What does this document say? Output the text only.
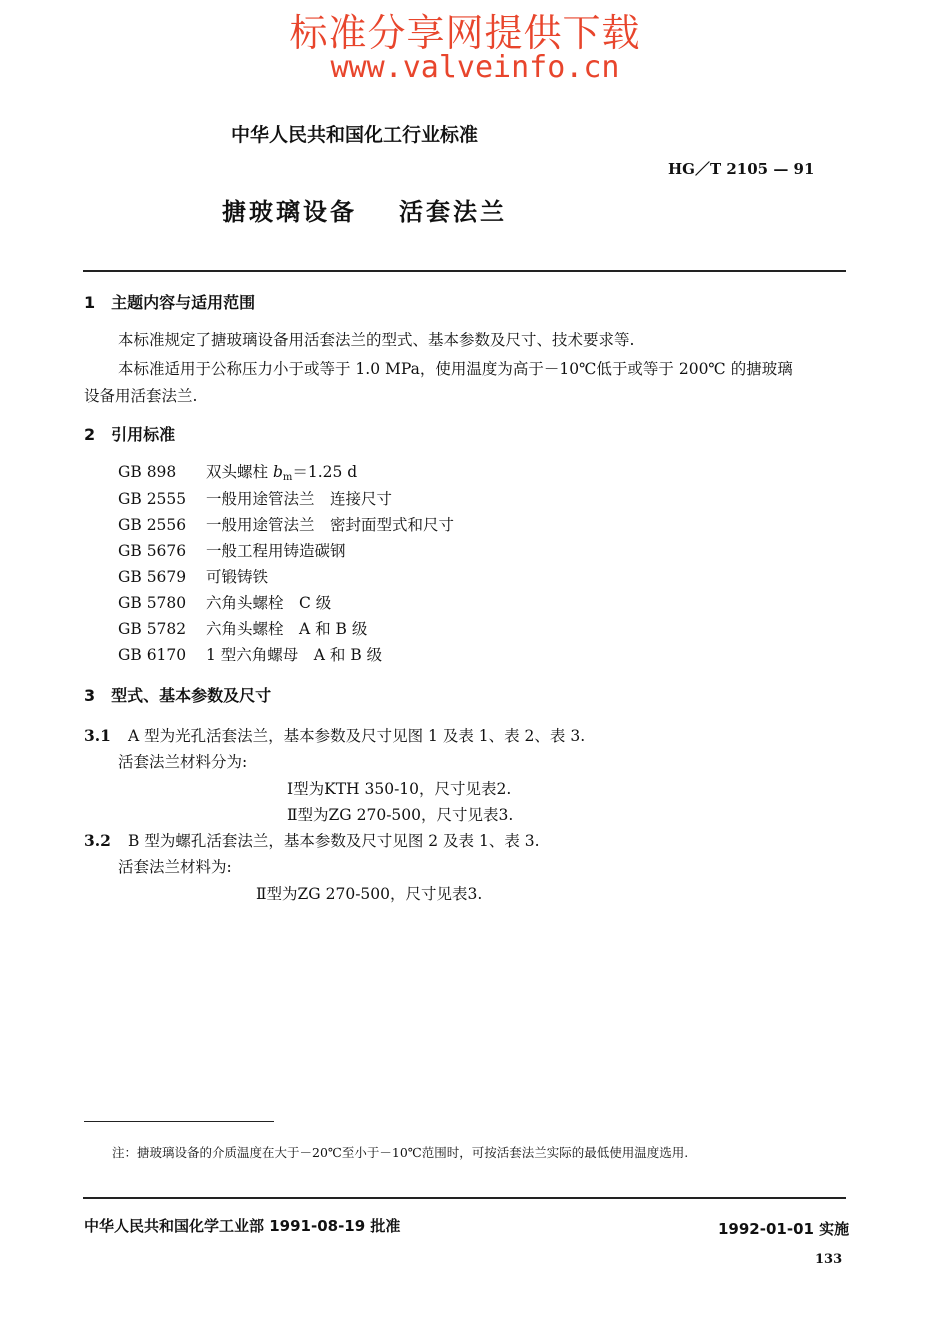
标准分享网提供下载
www.valveinfo.cn
中华人民共和国化工行业标准
HG／T 2105 — 91
搪玻璃设备 活套法兰
1　主题内容与适用范围
本标准规定了搪玻璃设备用活套法兰的型式、基本参数及尺寸、技术要求等.
本标准适用于公称压力小于或等于 1.0 MPa，使用温度为高于－10℃低于或等于 200℃ 的搪玻璃
设备用活套法兰.
2　引用标准
GB 898 双头螺柱 $b_m=1.25$ d
GB 2555 一般用途管法兰　连接尺寸
GB 2556 一般用途管法兰　密封面型式和尺寸
GB 5676 一般工程用铸造碳钢
GB 5679 可锻铸铁
GB 5780 六角头螺栓　C 级
GB 5782 六角头螺栓　A 和 B 级
GB 6170 1 型六角螺母　A 和 B 级
3　型式、基本参数及尺寸
3.1 A 型为光孔活套法兰，基本参数及尺寸见图 1 及表 1、表 2、表 3.
活套法兰材料分为:
Ⅰ型为KTH 350-10，尺寸见表2.
Ⅱ型为ZG 270-500，尺寸见表3.
3.2 B 型为螺孔活套法兰，基本参数及尺寸见图 2 及表 1、表 3.
活套法兰材料为:
Ⅱ型为ZG 270-500，尺寸见表3.
注：搪玻璃设备的介质温度在大于－20℃至小于－10℃范围时，可按活套法兰实际的最低使用温度选用.
中华人民共和国化学工业部 1991-08-19 批准	1992-01-01 实施
133
